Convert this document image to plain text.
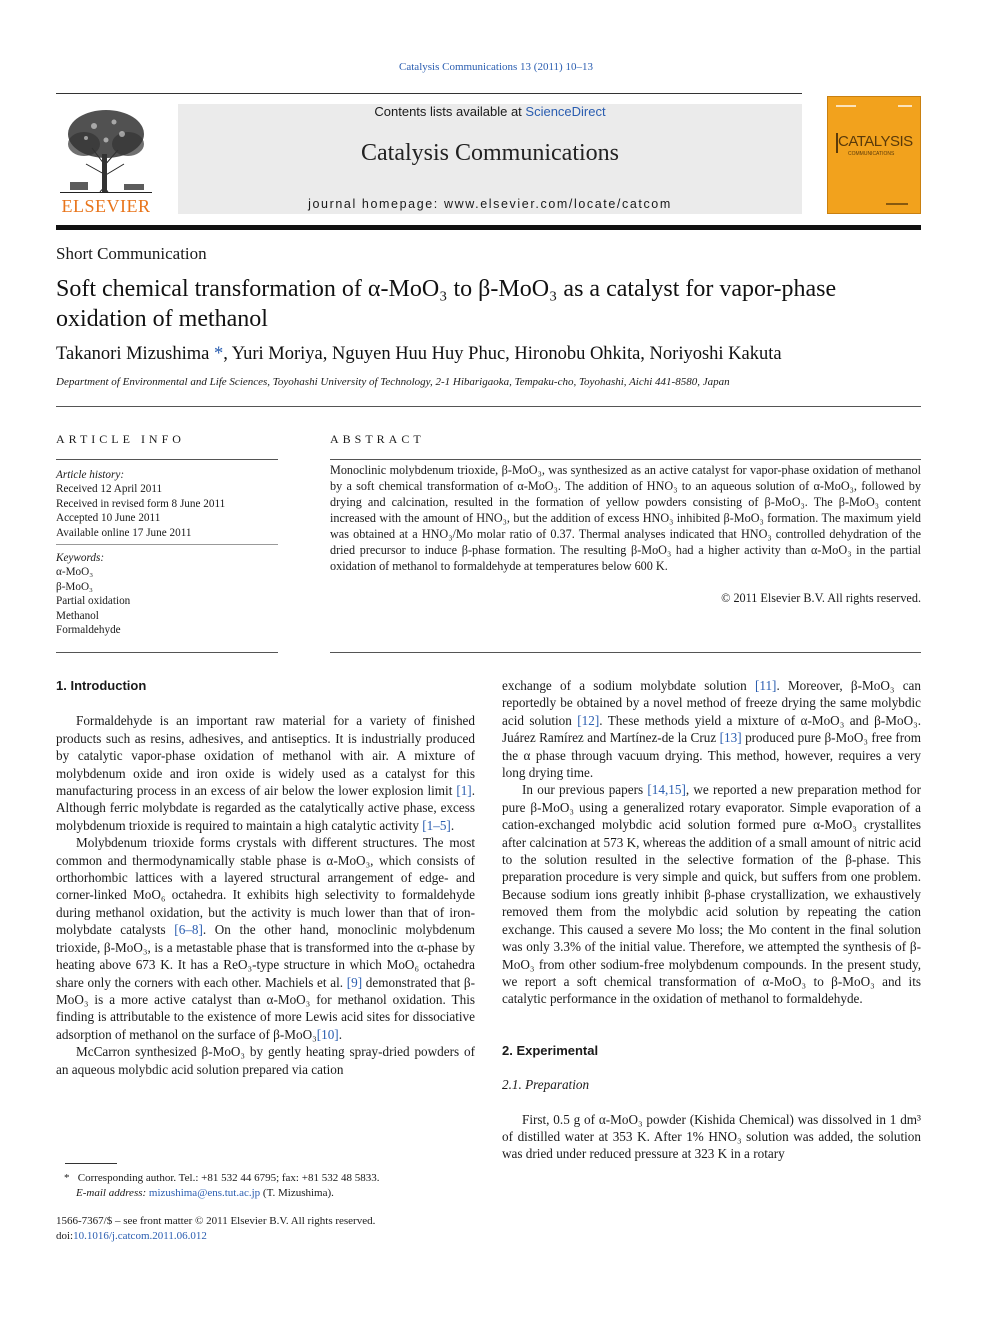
Catalysis Communications 13 (2011) 10–13
Contents lists available at ScienceDirect
Catalysis Communications
journal homepage: www.elsevier.com/locate/catcom
ELSEVIER
CATALYSIS
COMMUNICATIONS
Short Communication
Soft chemical transformation of α-MoO₃ to β-MoO₃ as a catalyst for vapor-phase oxidation of methanol
Takanori Mizushima *, Yuri Moriya, Nguyen Huu Huy Phuc, Hironobu Ohkita, Noriyoshi Kakuta
Department of Environmental and Life Sciences, Toyohashi University of Technology, 2-1 Hibarigaoka, Tempaku-cho, Toyohashi, Aichi 441-8580, Japan
ARTICLE INFO
Article history:
Received 12 April 2011
Received in revised form 8 June 2011
Accepted 10 June 2011
Available online 17 June 2011
Keywords:
α-MoO₃
β-MoO₃
Partial oxidation
Methanol
Formaldehyde
ABSTRACT
Monoclinic molybdenum trioxide, β-MoO₃, was synthesized as an active catalyst for vapor-phase oxidation of methanol by a soft chemical transformation of α-MoO₃. The addition of HNO₃ to an aqueous solution of α-MoO₃, followed by drying and calcination, resulted in the formation of yellow powders consisting of β-MoO₃. The β-MoO₃ content increased with the amount of HNO₃, but the addition of excess HNO₃ inhibited β-MoO₃ formation. The maximum yield was obtained at a HNO₃/Mo molar ratio of 0.37. Thermal analyses indicated that HNO₃ controlled dehydration of the dried precursor to induce β-phase formation. The resulting β-MoO₃ had a higher activity than α-MoO₃ in the partial oxidation of methanol to formaldehyde at temperatures below 600 K.
© 2011 Elsevier B.V. All rights reserved.
1. Introduction

Formaldehyde is an important raw material for a variety of finished products such as resins, adhesives, and antiseptics. It is industrially produced by catalytic vapor-phase oxidation of methanol with air. A mixture of molybdenum oxide and iron oxide is widely used as a catalyst for this manufacturing process in an excess of air below the lower explosion limit [1]. Although ferric molybdate is regarded as the catalytically active phase, excess molybdenum trioxide is required to maintain a high catalytic activity [1–5].

Molybdenum trioxide forms crystals with different structures. The most common and thermodynamically stable phase is α-MoO₃, which consists of orthorhombic lattices with a layered structural arrangement of edge- and corner-linked MoO₆ octahedra. It exhibits high selectivity to formaldehyde during methanol oxidation, but the activity is much lower than that of iron-molybdate catalysts [6–8]. On the other hand, monoclinic molybdenum trioxide, β-MoO₃, is a metastable phase that is transformed into the α-phase by heating above 673 K. It has a ReO₃-type structure in which MoO₆ octahedra share only the corners with each other. Machiels et al. [9] demonstrated that β-MoO₃ is a more active catalyst than α-MoO₃ for methanol oxidation. This finding is attributable to the existence of more Lewis acid sites for dissociative adsorption of methanol on the surface of β-MoO₃[10].

McCarron synthesized β-MoO₃ by gently heating spray-dried powders of an aqueous molybdic acid solution prepared via cation

exchange of a sodium molybdate solution [11]. Moreover, β-MoO₃ can reportedly be obtained by a novel method of freeze drying the same molybdic acid solution [12]. These methods yield a mixture of α-MoO₃ and β-MoO₃. Juárez Ramírez and Martínez-de la Cruz [13] produced pure β-MoO₃ free from the α phase through vacuum drying. This method, however, requires a very long drying time.

In our previous papers [14,15], we reported a new preparation method for pure β-MoO₃ using a generalized rotary evaporator. Simple evaporation of a cation-exchanged molybdic acid solution formed pure α-MoO₃ crystallites after calcination at 573 K, whereas the addition of a small amount of nitric acid to the solution resulted in the selective formation of the β-phase. This preparation procedure is very simple and quick, but suffers from one problem. Because sodium ions greatly inhibit β-phase crystallization, we exhaustively removed them from the molybdic acid solution by repeating the cation exchange. This caused a severe Mo loss; the Mo content in the final solution was only 3.3% of the initial value. Therefore, we attempted the synthesis of β-MoO₃ from other sodium-free molybdenum compounds. In the present study, we report a soft chemical transformation of α-MoO₃ to β-MoO₃ and its catalytic performance in the oxidation of methanol to formaldehyde.

2. Experimental
2.1. Preparation

First, 0.5 g of α-MoO₃ powder (Kishida Chemical) was dissolved in 1 dm³ of distilled water at 353 K. After 1% HNO₃ solution was added, the solution was dried under reduced pressure at 323 K in a rotary

* Corresponding author. Tel.: +81 532 44 6795; fax: +81 532 48 5833.
E-mail address: mizushima@ens.tut.ac.jp (T. Mizushima).
1566-7367/$ – see front matter © 2011 Elsevier B.V. All rights reserved.
doi:10.1016/j.catcom.2011.06.012
